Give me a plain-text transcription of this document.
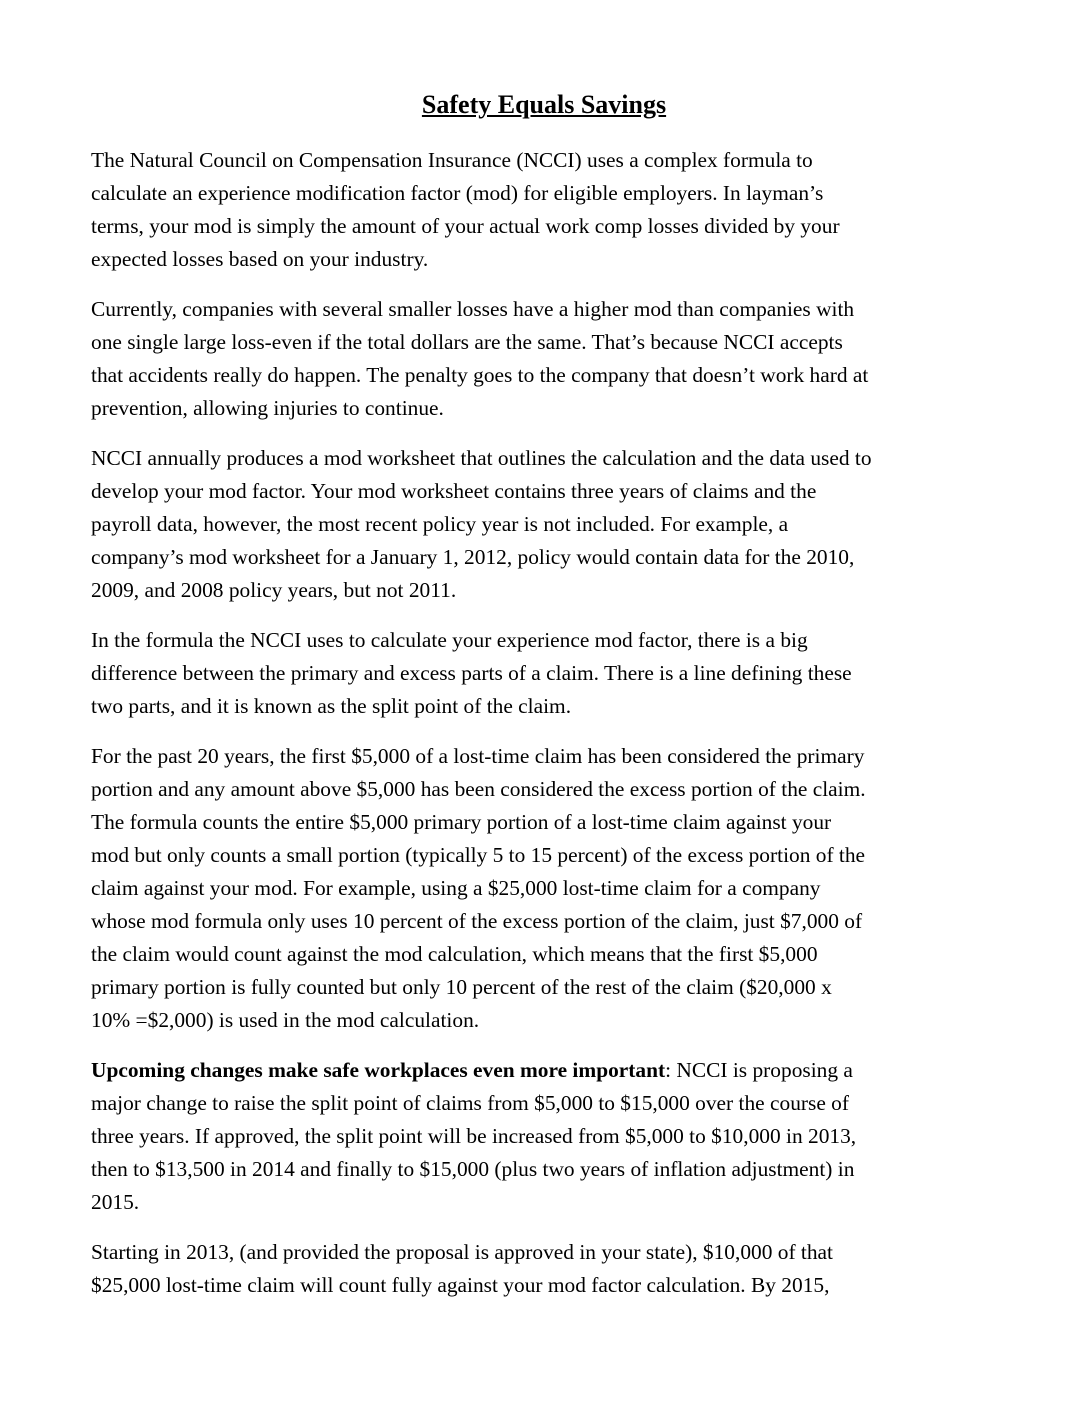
Safety Equals Savings

The Natural Council on Compensation Insurance (NCCI) uses a complex formula to
calculate an experience modification factor (mod) for eligible employers. In layman’s
terms, your mod is simply the amount of your actual work comp losses divided by your
expected losses based on your industry.

Currently, companies with several smaller losses have a higher mod than companies with
one single large loss-even if the total dollars are the same. That’s because NCCI accepts
that accidents really do happen. The penalty goes to the company that doesn’t work hard at
prevention, allowing injuries to continue.

NCCI annually produces a mod worksheet that outlines the calculation and the data used to
develop your mod factor. Your mod worksheet contains three years of claims and the
payroll data, however, the most recent policy year is not included. For example, a
company’s mod worksheet for a January 1, 2012, policy would contain data for the 2010,
2009, and 2008 policy years, but not 2011.

In the formula the NCCI uses to calculate your experience mod factor, there is a big
difference between the primary and excess parts of a claim. There is a line defining these
two parts, and it is known as the split point of the claim.

For the past 20 years, the first $5,000 of a lost-time claim has been considered the primary
portion and any amount above $5,000 has been considered the excess portion of the claim.
The formula counts the entire $5,000 primary portion of a lost-time claim against your
mod but only counts a small portion (typically 5 to 15 percent) of the excess portion of the
claim against your mod. For example, using a $25,000 lost-time claim for a company
whose mod formula only uses 10 percent of the excess portion of the claim, just $7,000 of
the claim would count against the mod calculation, which means that the first $5,000
primary portion is fully counted but only 10 percent of the rest of the claim ($20,000 x
10% =$2,000) is used in the mod calculation.

Upcoming changes make safe workplaces even more important: NCCI is proposing a
major change to raise the split point of claims from $5,000 to $15,000 over the course of
three years. If approved, the split point will be increased from $5,000 to $10,000 in 2013,
then to $13,500 in 2014 and finally to $15,000 (plus two years of inflation adjustment) in
2015.

Starting in 2013, (and provided the proposal is approved in your state), $10,000 of that
$25,000 lost-time claim will count fully against your mod factor calculation. By 2015,
